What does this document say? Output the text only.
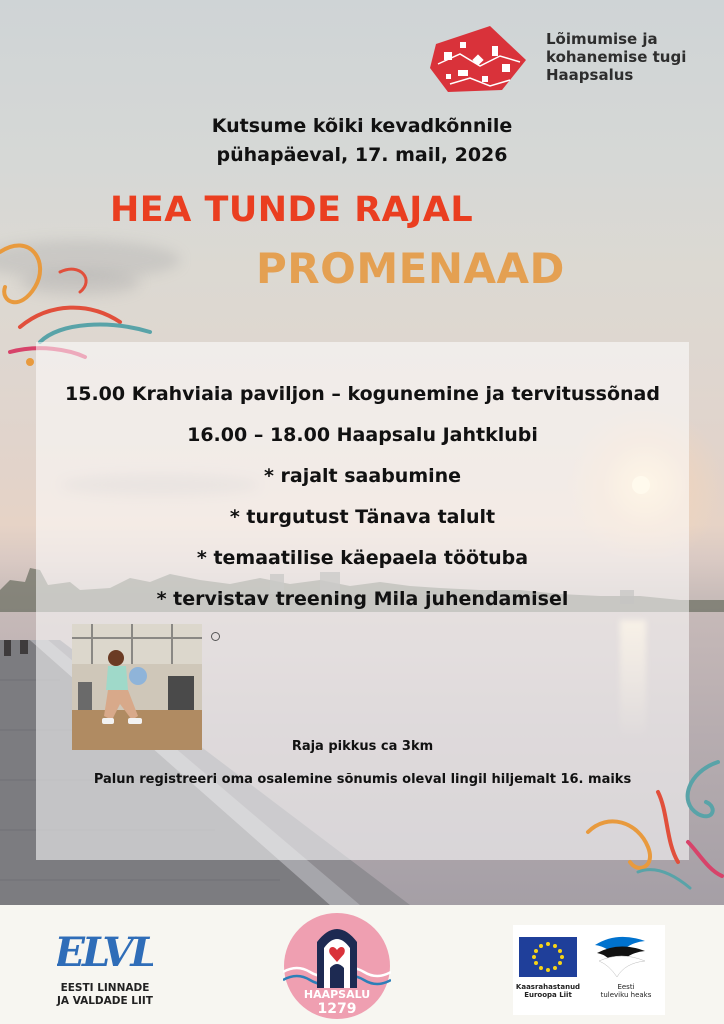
Lõimumise ja
kohanemise tugi
Haapsalus
Kutsume kõiki kevadkõnnile
pühapäeval, 17. mail, 2026
HEA TUNDE RAJAL
PROMENAAD
15.00 Krahviaia paviljon – kogunemine ja tervitussõnad
16.00 – 18.00 Haapsalu Jahtklubi
* rajalt saabumine
* turgutust Tänava talult
* temaatilise käepaela töötuba
* tervistav treening Mila juhendamisel
Raja pikkus ca 3km
Palun registreeri oma osalemine sõnumis oleval lingil hiljemalt 16. maiks
ELVL
EESTI LINNADE
JA VALDADE LIIT	HAAPSALU
1279
Kaasrahastanud
Euroopa Liit
Eesti
tuleviku heaks
